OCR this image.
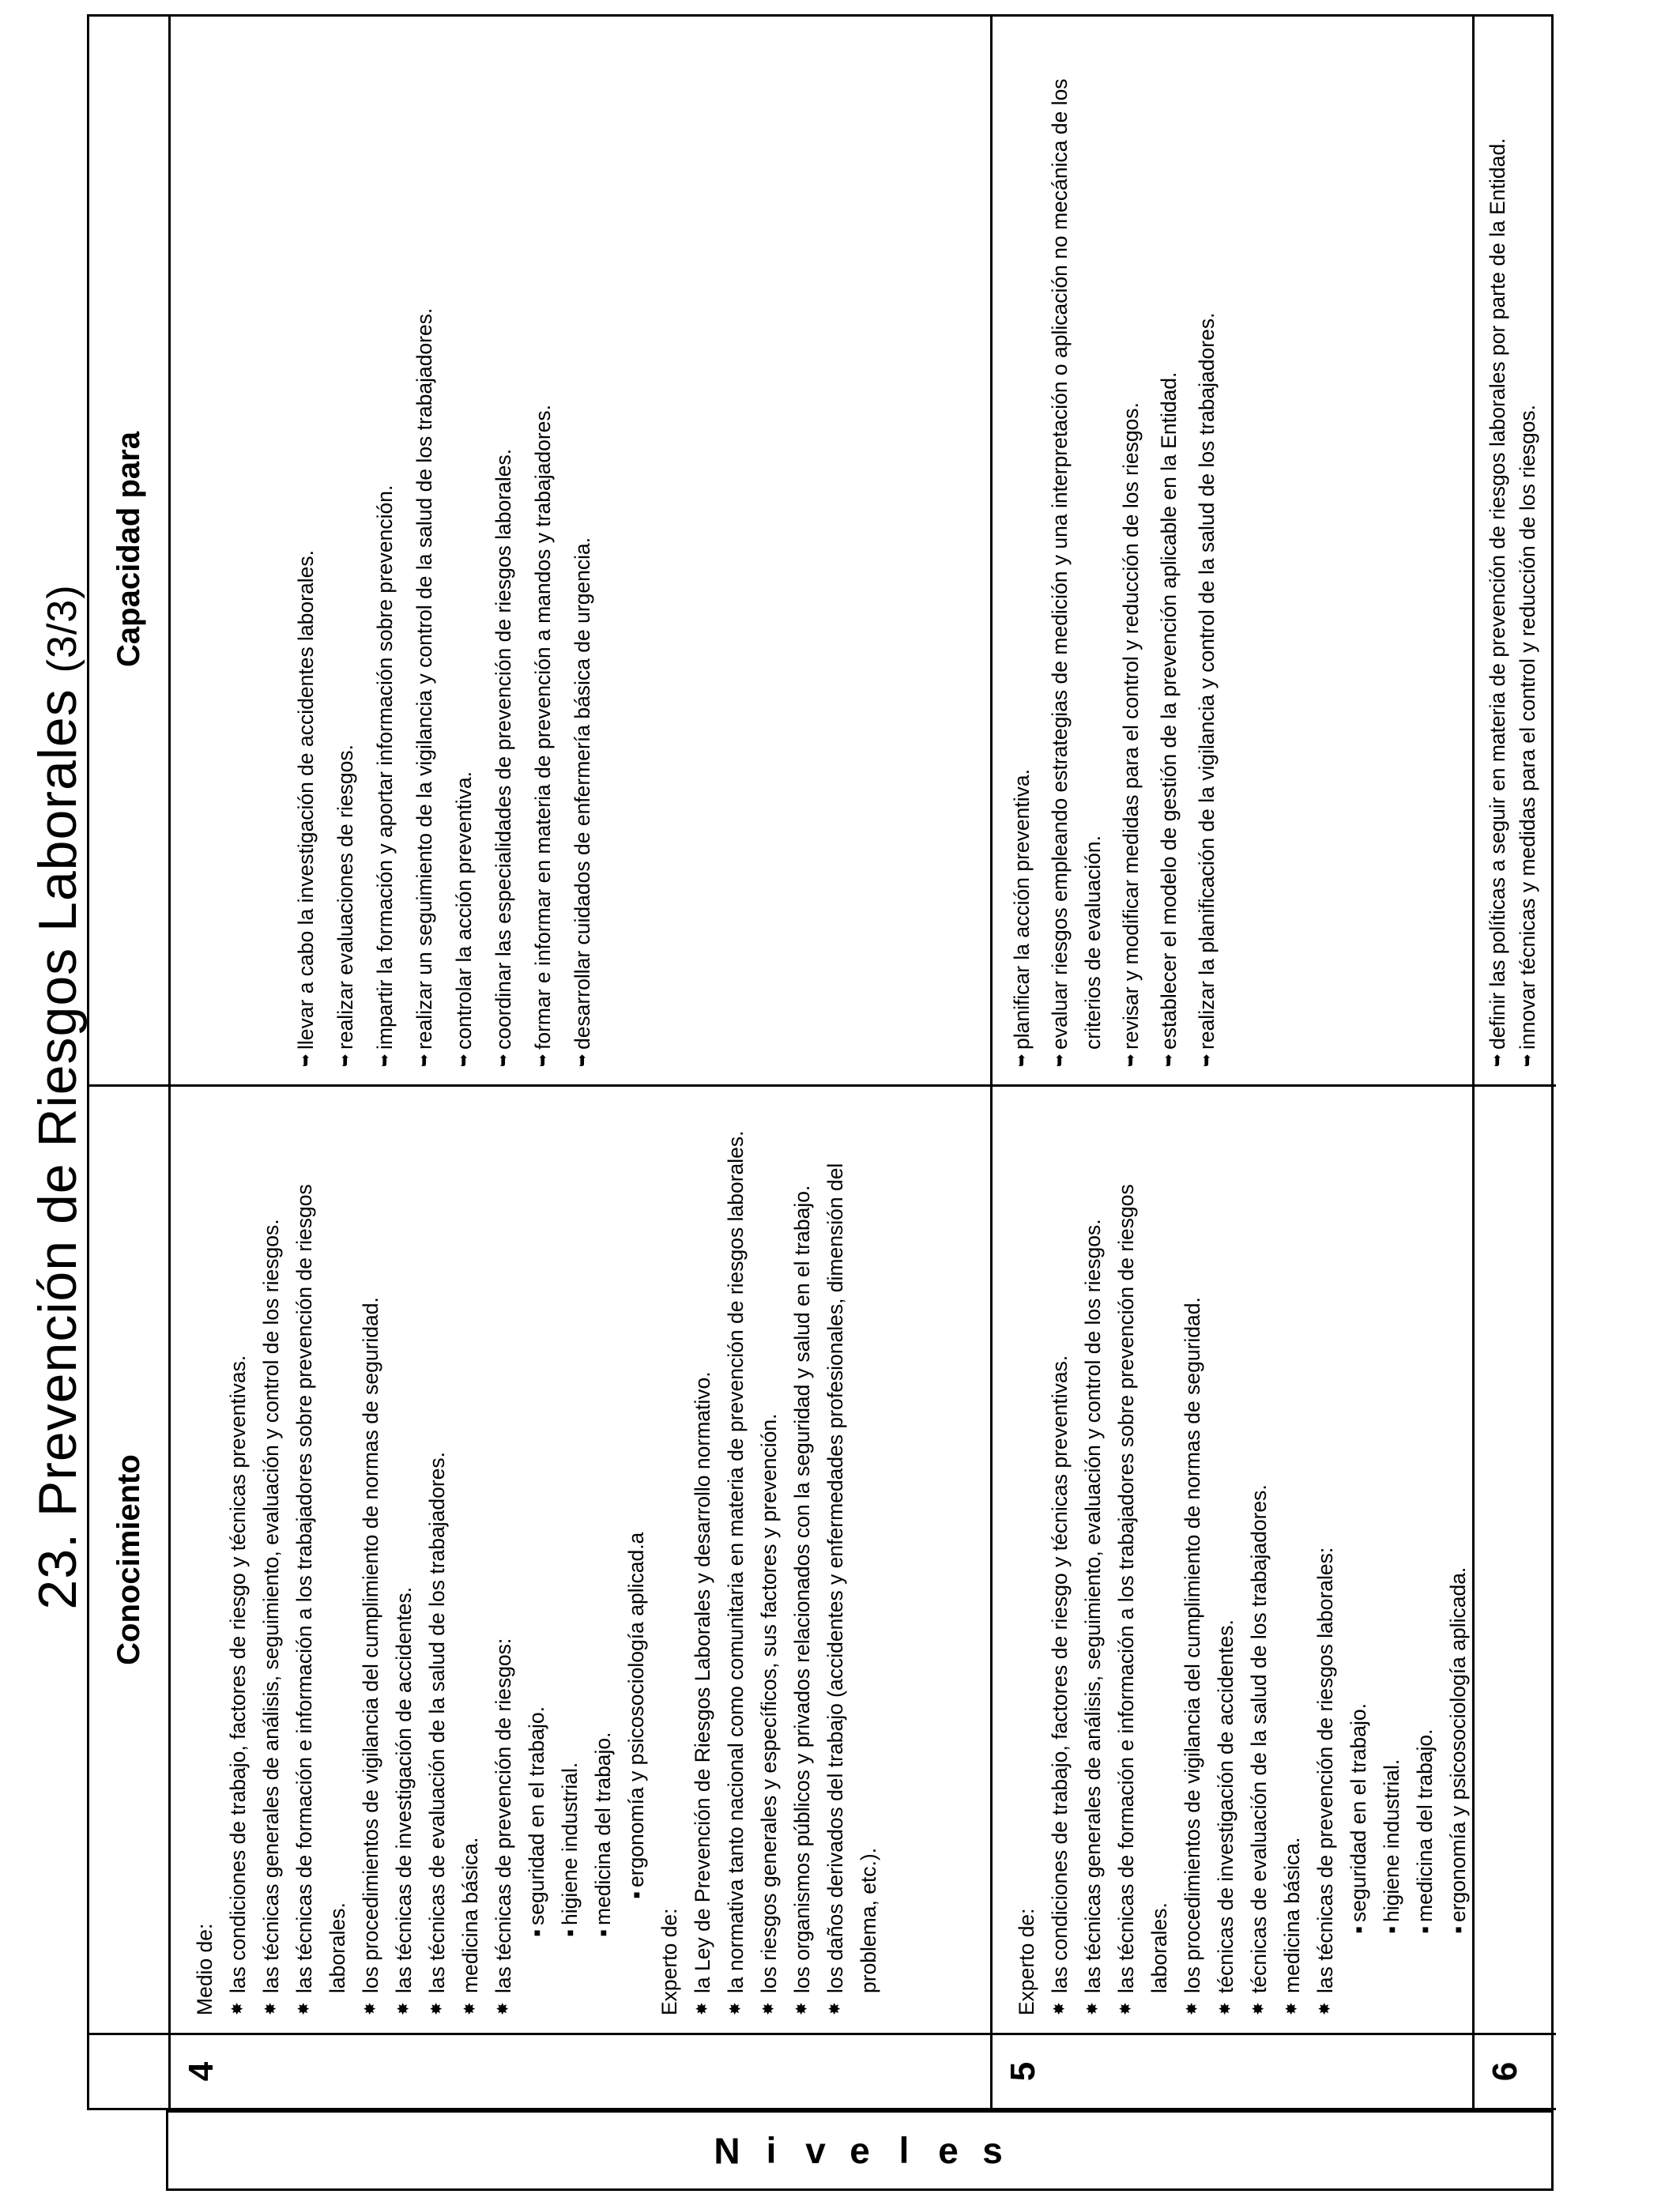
23. Prevención de Riesgos Laborales (3/3)
N i v e l e s
Conocimiento
Capacidad para
4
Medio de: ✸ las condiciones de trabajo, factores de riesgo y técnicas preventivas. ✸ las técnicas generales de análisis, seguimiento, evaluación y control de los riesgos. ✸ las técnicas de formación e información a los trabajadores sobre prevención de riesgos laborales. ✸ los procedimientos de vigilancia del cumplimiento de normas de seguridad. ✸ las técnicas de investigación de accidentes. ✸ las técnicas de evaluación de la salud de los trabajadores. ✸ medicina básica. ✸ las técnicas de prevención de riesgos: ■ seguridad en el trabajo. ■ higiene industrial. ■ medicina del trabajo. ■ ergonomía y psicosociología aplicad.a
Experto de: ✸ la Ley de Prevención de Riesgos Laborales y desarrollo normativo. ✸ la normativa tanto nacional como comunitaria en materia de prevención de riesgos laborales. ✸ los riesgos generales y específicos, sus factores y prevención. ✸ los organismos públicos y privados relacionados con la seguridad y salud en el trabajo. ✸ los daños derivados del trabajo (accidentes y enfermedades profesionales, dimensión del problema, etc.).
➥ llevar a cabo la investigación de accidentes laborales. ➥ realizar evaluaciones de riesgos. ➥ impartir la formación y aportar información sobre prevención. ➥ realizar un seguimiento de la vigilancia y control de la salud de los trabajadores. ➥ controlar la acción preventiva. ➥ coordinar las especialidades de prevención de riesgos laborales. ➥ formar e informar en materia de prevención a mandos y trabajadores. ➥ desarrollar cuidados de enfermería básica de urgencia.
5
Experto de: ✸ las condiciones de trabajo, factores de riesgo y técnicas preventivas. ✸ las técnicas generales de análisis, seguimiento, evaluación y control de los riesgos. ✸ las técnicas de formación e información a los trabajadores sobre prevención de riesgos laborales. ✸ los procedimientos de vigilancia del cumplimiento de normas de seguridad. ✸ técnicas de investigación de accidentes. ✸ técnicas de evaluación de la salud de los trabajadores. ✸ medicina básica. ✸ las técnicas de prevención de riesgos laborales: ■ seguridad en el trabajo. ■ higiene industrial. ■ medicina del trabajo. ■ ergonomía y psicosociología aplicada.
➥ planificar la acción preventiva. ➥ evaluar riesgos empleando estrategias de medición y una interpretación o aplicación no mecánica de los criterios de evaluación. ➥ revisar y modificar medidas para el control y reducción de los riesgos. ➥ establecer el modelo de gestión de la prevención aplicable en la Entidad. ➥ realizar la planificación de la vigilancia y control de la salud de los trabajadores.
6
➥ definir las políticas a seguir en materia de prevención de riesgos laborales por parte de la Entidad. ➥ innovar técnicas y medidas para el control y reducción de los riesgos.
